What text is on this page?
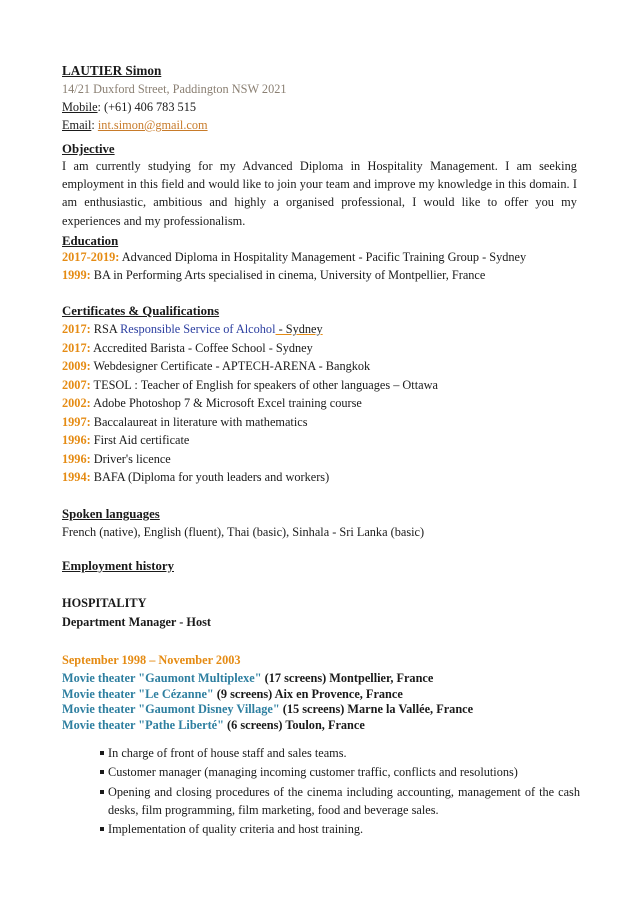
LAUTIER Simon
14/21 Duxford Street, Paddington NSW 2021
Mobile: (+61) 406 783 515
Email: int.simon@gmail.com
Objective
I am currently studying for my Advanced Diploma in Hospitality Management. I am seeking employment in this field and would like to join your team and improve my knowledge in this domain. I am enthusiastic, ambitious and highly a organised professional, I would like to offer you my experiences and my professionalism.
Education
2017-2019: Advanced Diploma in Hospitality Management - Pacific Training Group - Sydney
1999: BA in Performing Arts specialised in cinema, University of Montpellier, France
Certificates & Qualifications
2017: RSA Responsible Service of Alcohol - Sydney
2017: Accredited Barista - Coffee School - Sydney
2009: Webdesigner Certificate - APTECH-ARENA - Bangkok
2007: TESOL : Teacher of English for speakers of other languages – Ottawa
2002: Adobe Photoshop 7 & Microsoft Excel training course
1997: Baccalaureat in literature with mathematics
1996: First Aid certificate
1996: Driver's licence
1994: BAFA (Diploma for youth leaders and workers)
Spoken languages
French (native), English (fluent), Thai (basic), Sinhala - Sri Lanka (basic)
Employment history
HOSPITALITY
Department Manager - Host
September 1998 – November 2003
Movie theater "Gaumont Multiplexe" (17 screens) Montpellier, France
Movie theater "Le Cézanne" (9 screens) Aix en Provence, France
Movie theater "Gaumont Disney Village" (15 screens) Marne la Vallée, France
Movie theater "Pathe Liberté" (6 screens) Toulon, France
In charge of front of house staff and sales teams.
Customer manager (managing incoming customer traffic, conflicts and resolutions)
Opening and closing procedures of the cinema including accounting, management of the cash desks, film programming, film marketing, food and beverage sales.
Implementation of quality criteria and host training.
